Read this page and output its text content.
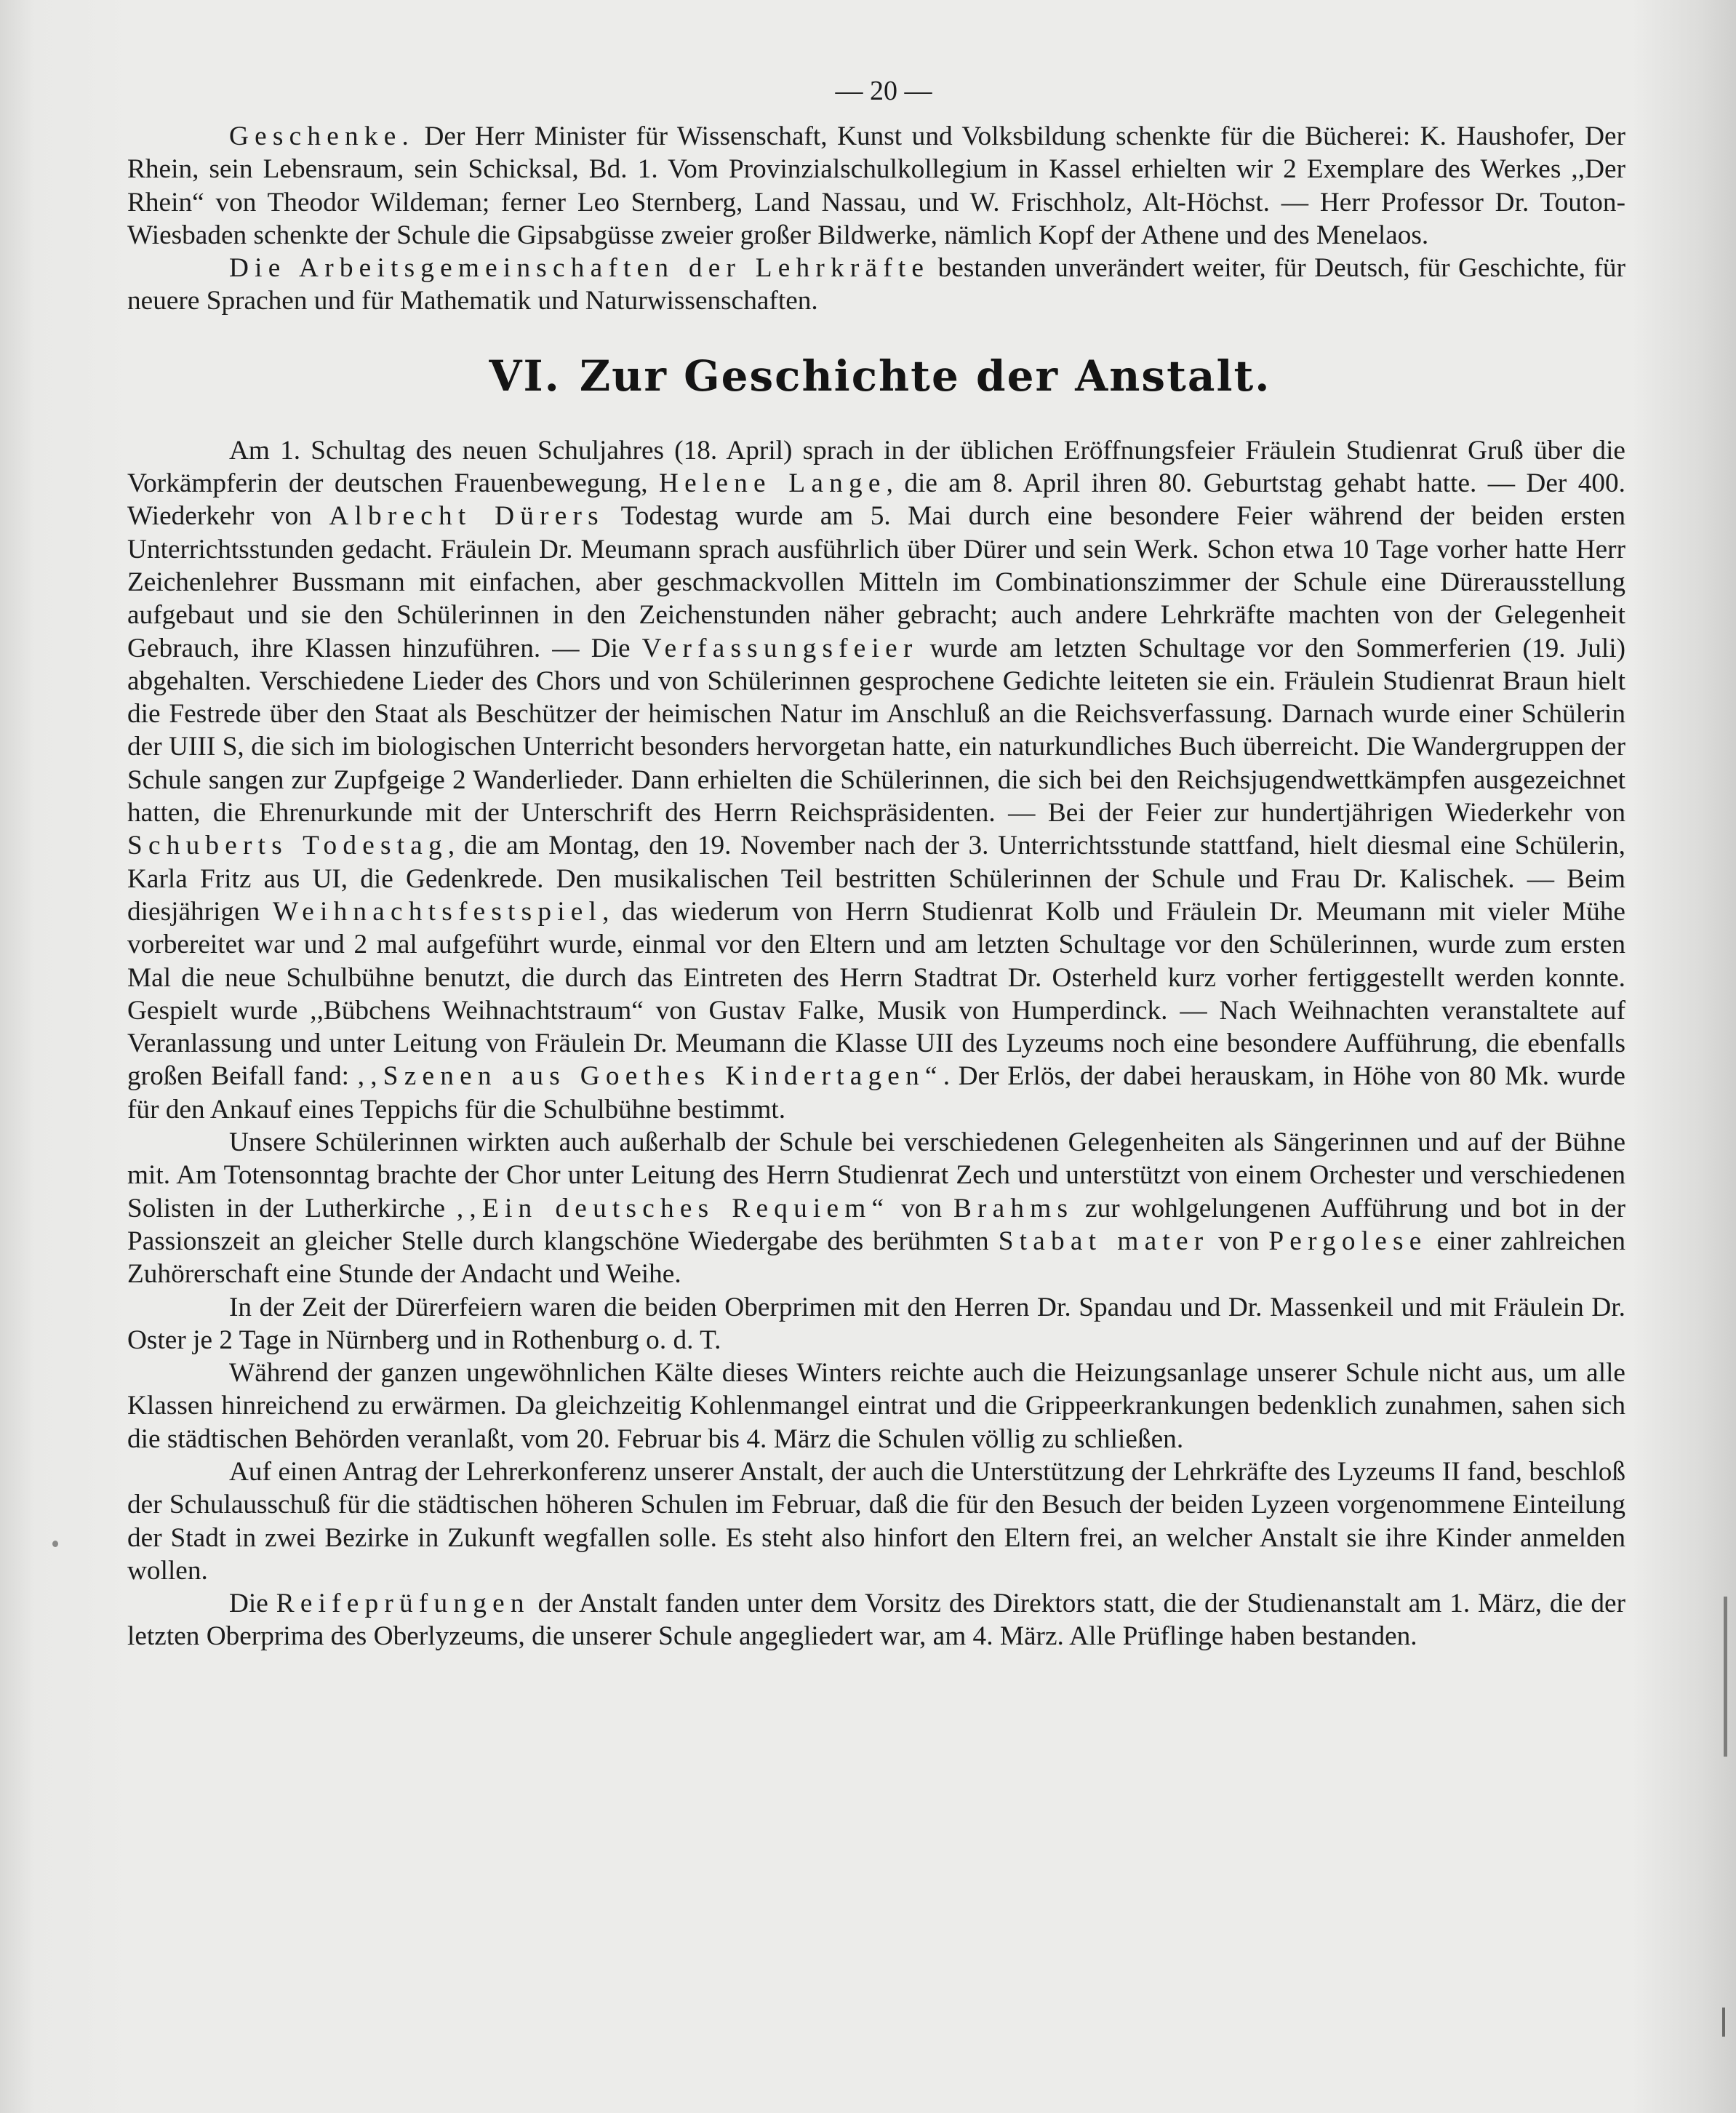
— 20 —

Geschenke. Der Herr Minister für Wissenschaft, Kunst und Volksbildung schenkte für die Bücherei: K. Haushofer, Der Rhein, sein Lebensraum, sein Schicksal, Bd. 1. Vom Provinzialschulkollegium in Kassel erhielten wir 2 Exemplare des Werkes ,,Der Rhein“ von Theodor Wildeman; ferner Leo Sternberg, Land Nassau, und W. Frischholz, Alt-Höchst. — Herr Professor Dr. Touton-Wiesbaden schenkte der Schule die Gipsabgüsse zweier großer Bildwerke, nämlich Kopf der Athene und des Menelaos.

Die Arbeitsgemeinschaften der Lehrkräfte bestanden unverändert weiter, für Deutsch, für Geschichte, für neuere Sprachen und für Mathematik und Naturwissenschaften.

VI. Zur Geschichte der Anstalt.

Am 1. Schultag des neuen Schuljahres (18. April) sprach in der üblichen Eröffnungsfeier Fräulein Studienrat Gruß über die Vorkämpferin der deutschen Frauenbewegung, Helene Lange, die am 8. April ihren 80. Geburtstag gehabt hatte. — Der 400. Wiederkehr von Albrecht Dürers Todestag wurde am 5. Mai durch eine besondere Feier während der beiden ersten Unterrichtsstunden gedacht. Fräulein Dr. Meumann sprach ausführlich über Dürer und sein Werk. Schon etwa 10 Tage vorher hatte Herr Zeichenlehrer Bussmann mit einfachen, aber geschmackvollen Mitteln im Combinationszimmer der Schule eine Dürerausstellung aufgebaut und sie den Schülerinnen in den Zeichenstunden näher gebracht; auch andere Lehrkräfte machten von der Gelegenheit Gebrauch, ihre Klassen hinzuführen. — Die Verfassungsfeier wurde am letzten Schultage vor den Sommerferien (19. Juli) abgehalten. Verschiedene Lieder des Chors und von Schülerinnen gesprochene Gedichte leiteten sie ein. Fräulein Studienrat Braun hielt die Festrede über den Staat als Beschützer der heimischen Natur im Anschluß an die Reichsverfassung. Darnach wurde einer Schülerin der UIII S, die sich im biologischen Unterricht besonders hervorgetan hatte, ein naturkundliches Buch überreicht. Die Wandergruppen der Schule sangen zur Zupfgeige 2 Wanderlieder. Dann erhielten die Schülerinnen, die sich bei den Reichsjugendwettkämpfen ausgezeichnet hatten, die Ehrenurkunde mit der Unterschrift des Herrn Reichspräsidenten. — Bei der Feier zur hundertjährigen Wiederkehr von Schuberts Todestag, die am Montag, den 19. November nach der 3. Unterrichtsstunde stattfand, hielt diesmal eine Schülerin, Karla Fritz aus UI, die Gedenkrede. Den musikalischen Teil bestritten Schülerinnen der Schule und Frau Dr. Kalischek. — Beim diesjährigen Weihnachtsfestspiel, das wiederum von Herrn Studienrat Kolb und Fräulein Dr. Meumann mit vieler Mühe vorbereitet war und 2 mal aufgeführt wurde, einmal vor den Eltern und am letzten Schultage vor den Schülerinnen, wurde zum ersten Mal die neue Schulbühne benutzt, die durch das Eintreten des Herrn Stadtrat Dr. Osterheld kurz vorher fertiggestellt werden konnte. Gespielt wurde ,,Bübchens Weihnachtstraum“ von Gustav Falke, Musik von Humperdinck. — Nach Weihnachten veranstaltete auf Veranlassung und unter Leitung von Fräulein Dr. Meumann die Klasse UII des Lyzeums noch eine besondere Aufführung, die ebenfalls großen Beifall fand: ,,Szenen aus Goethes Kindertagen“. Der Erlös, der dabei herauskam, in Höhe von 80 Mk. wurde für den Ankauf eines Teppichs für die Schulbühne bestimmt.

Unsere Schülerinnen wirkten auch außerhalb der Schule bei verschiedenen Gelegenheiten als Sängerinnen und auf der Bühne mit. Am Totensonntag brachte der Chor unter Leitung des Herrn Studienrat Zech und unterstützt von einem Orchester und verschiedenen Solisten in der Lutherkirche ,,Ein deutsches Requiem“ von Brahms zur wohlgelungenen Aufführung und bot in der Passionszeit an gleicher Stelle durch klangschöne Wiedergabe des berühmten Stabat mater von Pergolese einer zahlreichen Zuhörerschaft eine Stunde der Andacht und Weihe.

In der Zeit der Dürerfeiern waren die beiden Oberprimen mit den Herren Dr. Spandau und Dr. Massenkeil und mit Fräulein Dr. Oster je 2 Tage in Nürnberg und in Rothenburg o. d. T.

Während der ganzen ungewöhnlichen Kälte dieses Winters reichte auch die Heizungsanlage unserer Schule nicht aus, um alle Klassen hinreichend zu erwärmen. Da gleichzeitig Kohlenmangel eintrat und die Grippeerkrankungen bedenklich zunahmen, sahen sich die städtischen Behörden veranlaßt, vom 20. Februar bis 4. März die Schulen völlig zu schließen.

Auf einen Antrag der Lehrerkonferenz unserer Anstalt, der auch die Unterstützung der Lehrkräfte des Lyzeums II fand, beschloß der Schulausschuß für die städtischen höheren Schulen im Februar, daß die für den Besuch der beiden Lyzeen vorgenommene Einteilung der Stadt in zwei Bezirke in Zukunft wegfallen solle. Es steht also hinfort den Eltern frei, an welcher Anstalt sie ihre Kinder anmelden wollen.

Die Reifeprüfungen der Anstalt fanden unter dem Vorsitz des Direktors statt, die der Studienanstalt am 1. März, die der letzten Oberprima des Oberlyzeums, die unserer Schule angegliedert war, am 4. März. Alle Prüflinge haben bestanden.
